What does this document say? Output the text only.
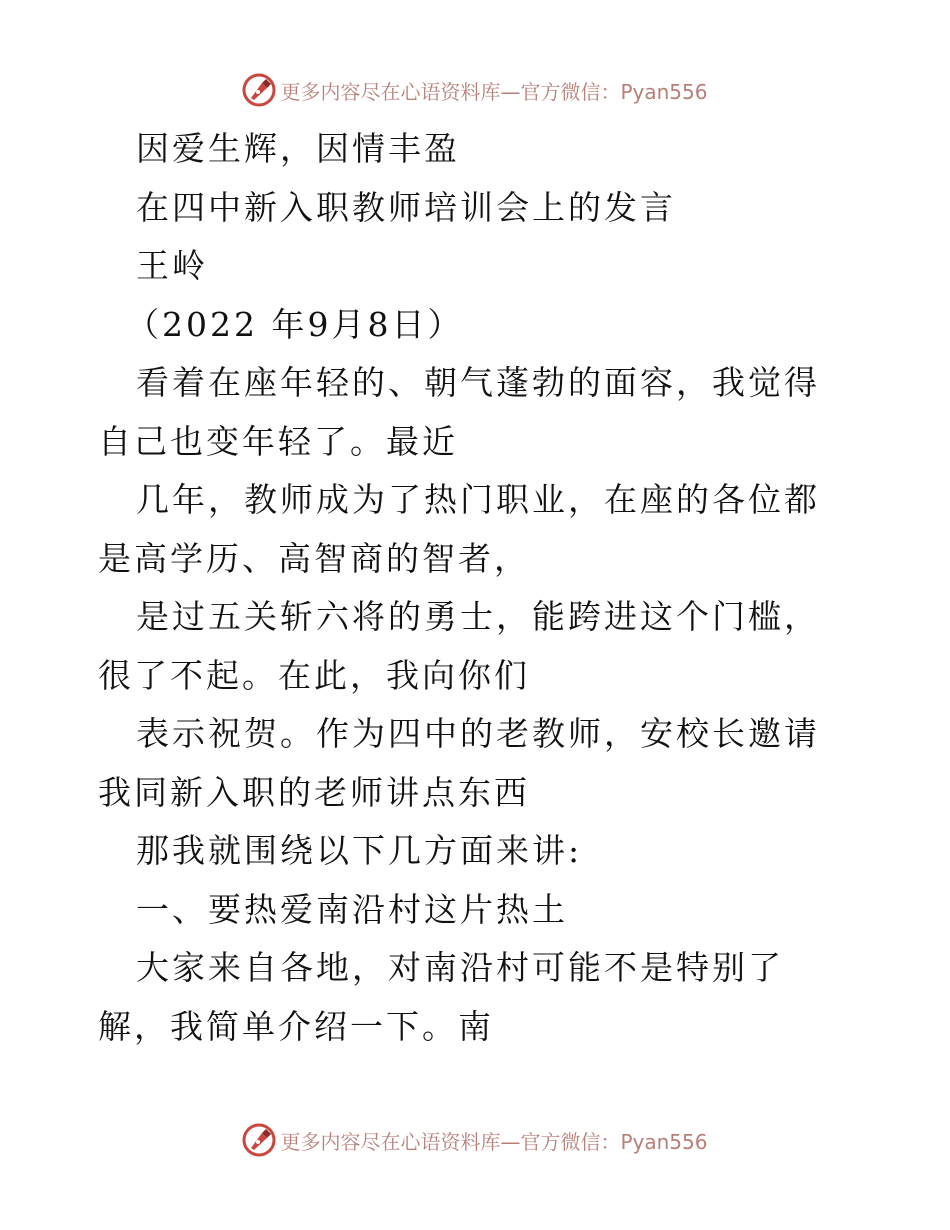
更多内容尽在心语资料库—官方微信：Pyan556

因爱生辉，因情丰盈

在四中新入职教师培训会上的发言

王岭

（2022 年9月8日）

看着在座年轻的、朝气蓬勃的面容，我觉得自己也变年轻了。最近

几年，教师成为了热门职业，在座的各位都是高学历、高智商的智者，

是过五关斩六将的勇士，能跨进这个门槛，很了不起。在此，我向你们

表示祝贺。作为四中的老教师，安校长邀请我同新入职的老师讲点东西

那我就围绕以下几方面来讲:

一、要热爱南沿村这片热土

大家来自各地，对南沿村可能不是特别了解，我简单介绍一下。南

更多内容尽在心语资料库—官方微信：Pyan556
